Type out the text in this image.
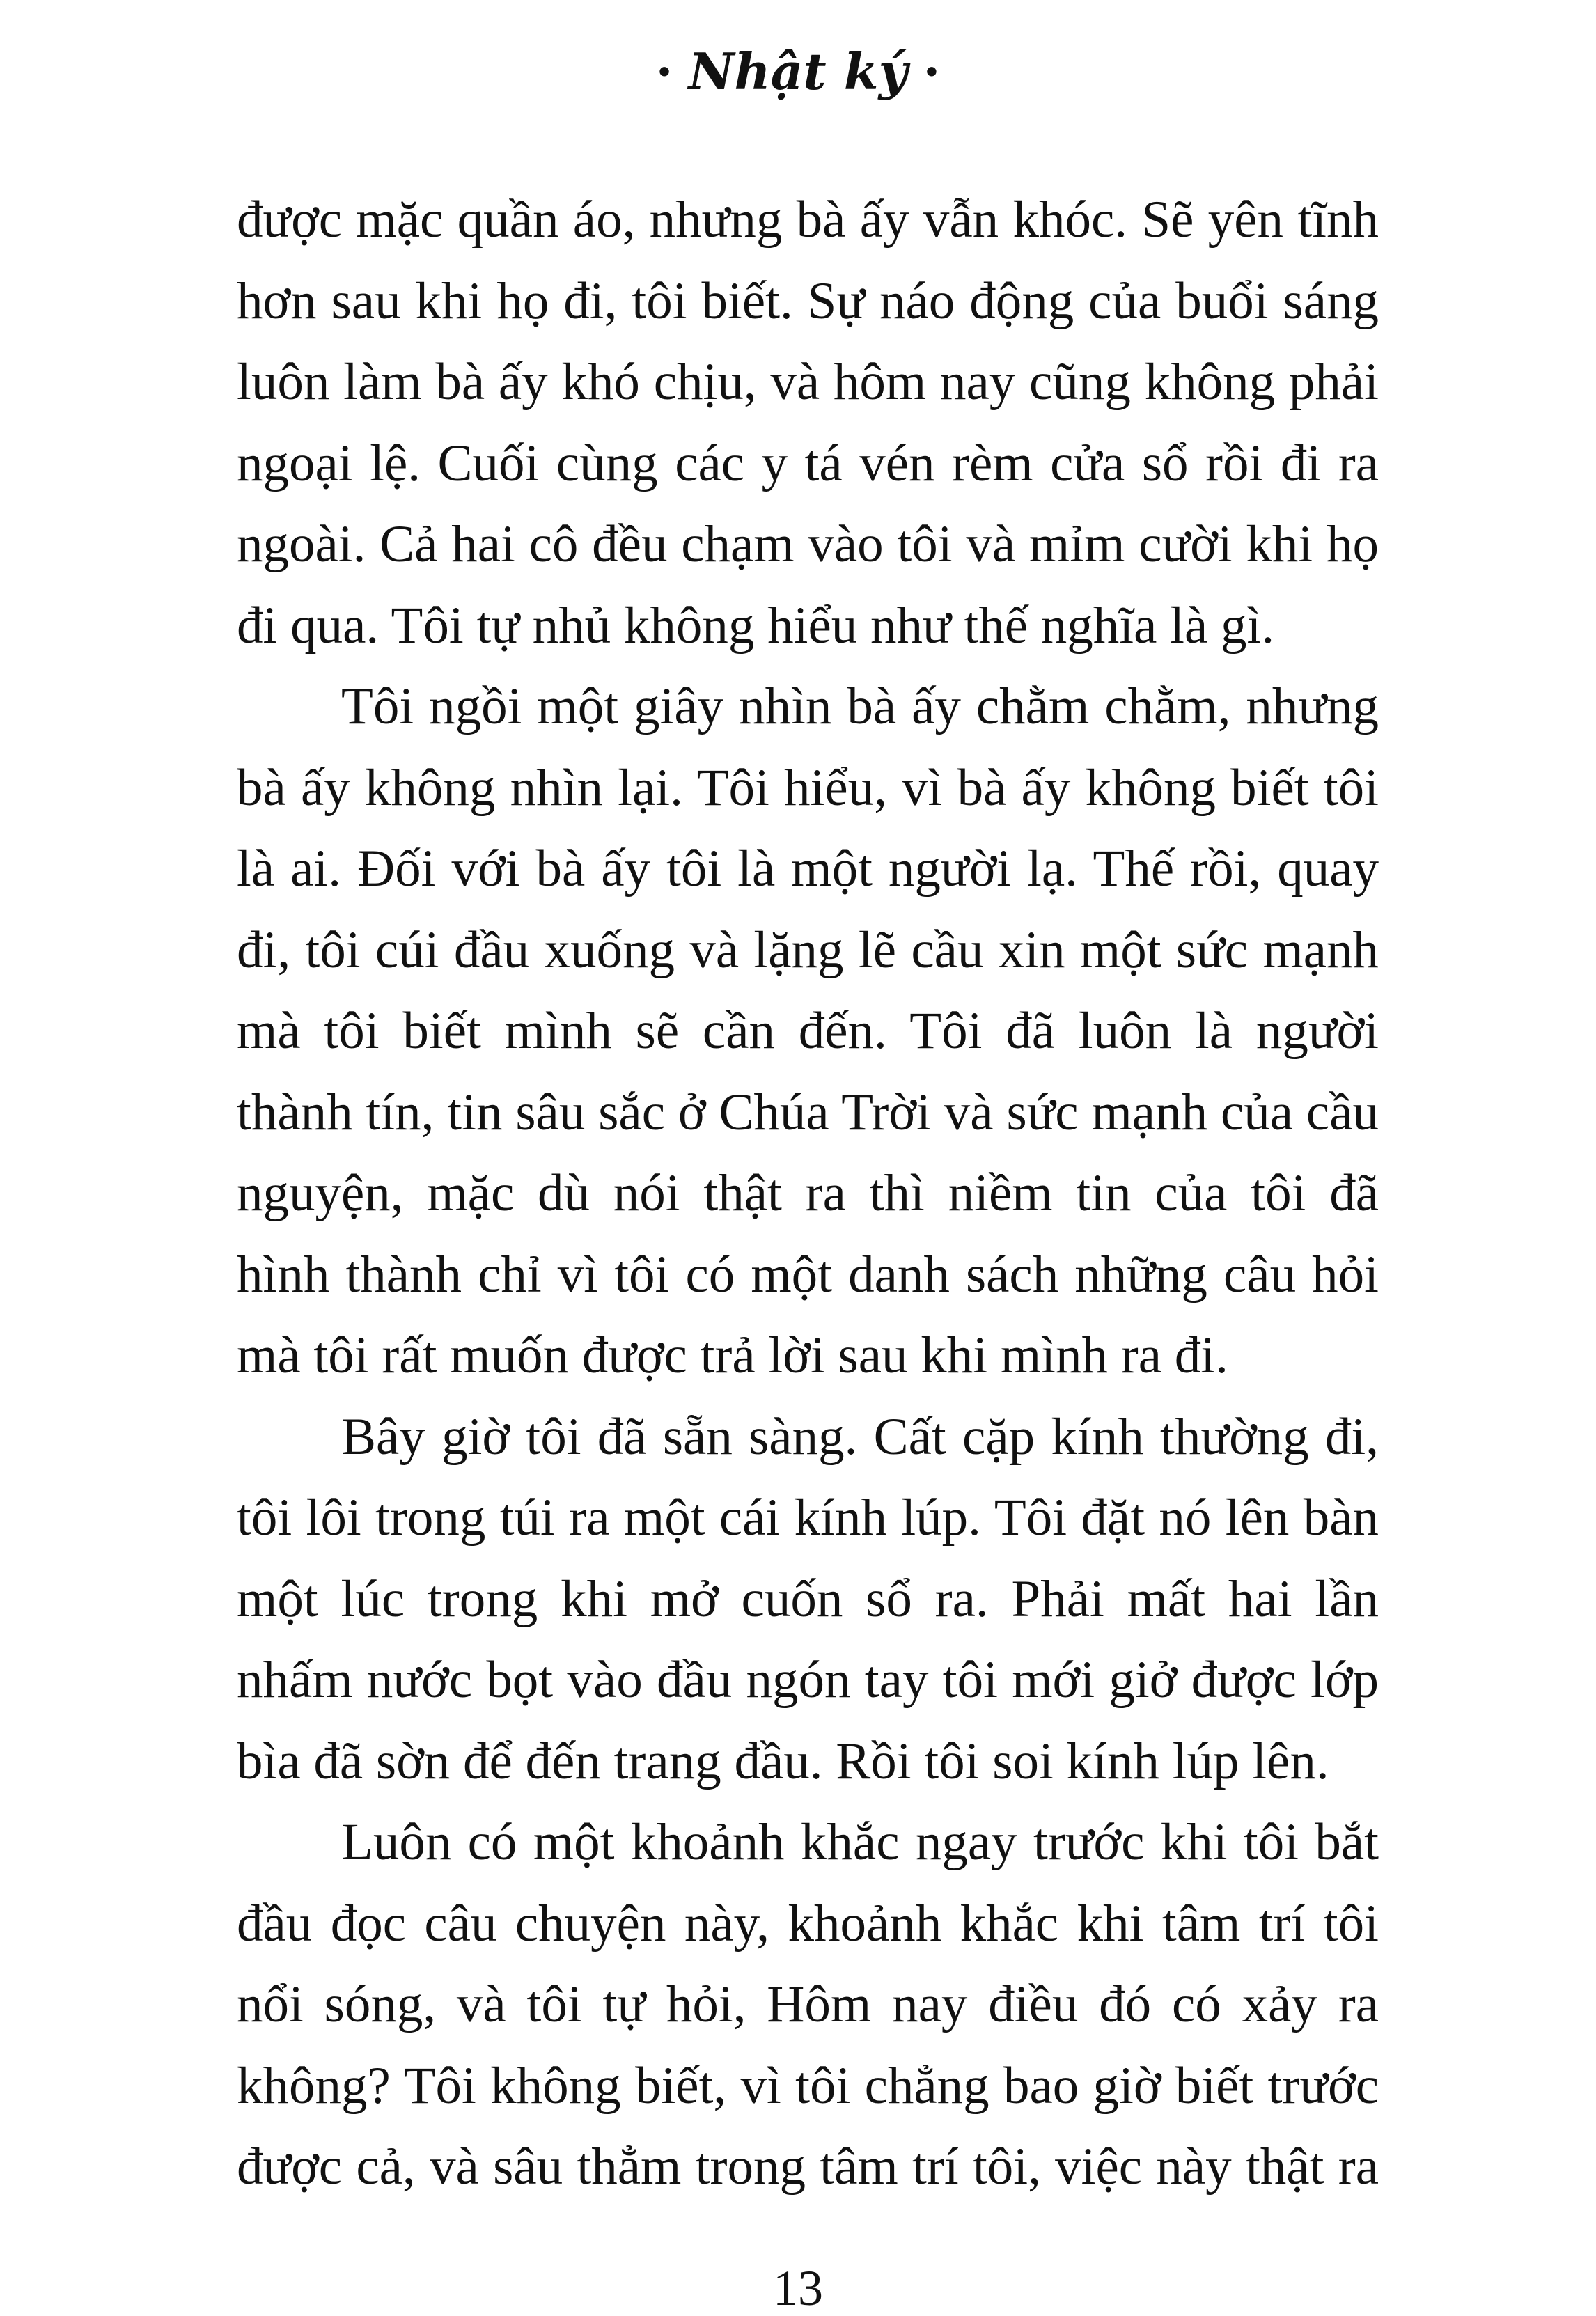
· Nhật ký ·
được mặc quần áo, nhưng bà ấy vẫn khóc. Sẽ yên tĩnh
hơn sau khi họ đi, tôi biết. Sự náo động của buổi sáng
luôn làm bà ấy khó chịu, và hôm nay cũng không phải
ngoại lệ. Cuối cùng các y tá vén rèm cửa sổ rồi đi ra
ngoài. Cả hai cô đều chạm vào tôi và mỉm cười khi họ
đi qua. Tôi tự nhủ không hiểu như thế nghĩa là gì.
Tôi ngồi một giây nhìn bà ấy chằm chằm, nhưng
bà ấy không nhìn lại. Tôi hiểu, vì bà ấy không biết tôi
là ai. Đối với bà ấy tôi là một người lạ. Thế rồi, quay
đi, tôi cúi đầu xuống và lặng lẽ cầu xin một sức mạnh
mà tôi biết mình sẽ cần đến. Tôi đã luôn là người
thành tín, tin sâu sắc ở Chúa Trời và sức mạnh của cầu
nguyện, mặc dù nói thật ra thì niềm tin của tôi đã
hình thành chỉ vì tôi có một danh sách những câu hỏi
mà tôi rất muốn được trả lời sau khi mình ra đi.
Bây giờ tôi đã sẵn sàng. Cất cặp kính thường đi,
tôi lôi trong túi ra một cái kính lúp. Tôi đặt nó lên bàn
một lúc trong khi mở cuốn sổ ra. Phải mất hai lần
nhấm nước bọt vào đầu ngón tay tôi mới giở được lớp
bìa đã sờn để đến trang đầu. Rồi tôi soi kính lúp lên.
Luôn có một khoảnh khắc ngay trước khi tôi bắt
đầu đọc câu chuyện này, khoảnh khắc khi tâm trí tôi
nổi sóng, và tôi tự hỏi, Hôm nay điều đó có xảy ra
không? Tôi không biết, vì tôi chẳng bao giờ biết trước
được cả, và sâu thẳm trong tâm trí tôi, việc này thật ra
13
